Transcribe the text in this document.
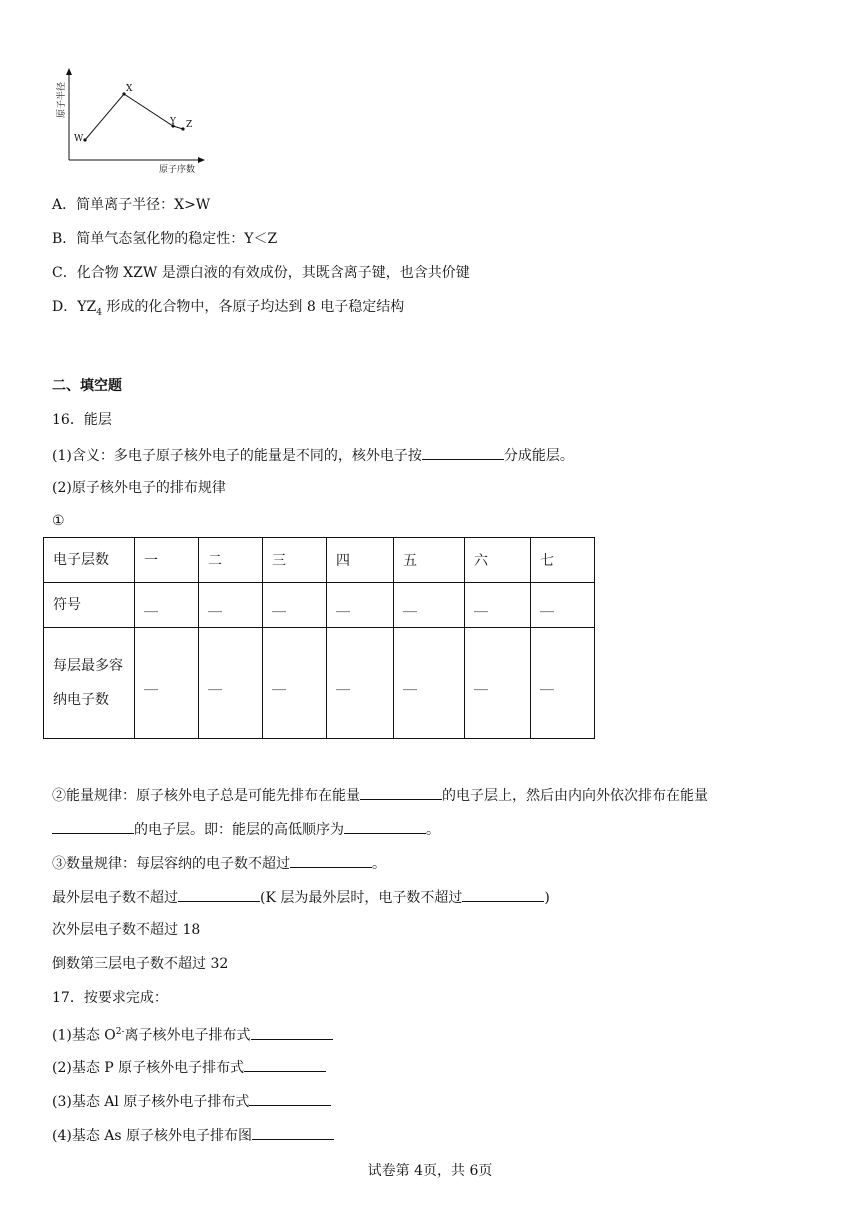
原子半径
原子序数
W
X
Y Z
A．简单离子半径：X>W
B．简单气态氢化物的稳定性：Y＜Z
C．化合物 XZW 是漂白液的有效成份，其既含离子键，也含共价键
D．$YZ_4$ 形成的化合物中，各原子均达到 8 电子稳定结构
二、填空题
16．能层
(1)含义：多电子原子核外电子的能量是不同的，核外电子按	分成能层。
(2)原子核外电子的排布规律
①
电子层数	一	二	三	四	五	六	七
符号	__	__	__	__	__	__	__
每层最多容纳电子数	__	__	__	__	__	__	__
②能量规律：原子核外电子总是可能先排布在能量	的电子层上，然后由内向外依次排布在能量
的电子层。即：能层的高低顺序为	。
③数量规律：每层容纳的电子数不超过	。
最外层电子数不超过	(K 层为最外层时，电子数不超过	)
次外层电子数不超过 18
倒数第三层电子数不超过 32
17．按要求完成：
(1)基态 $O^{2-}$离子核外电子排布式
(2)基态 P 原子核外电子排布式
(3)基态 Al 原子核外电子排布式
(4)基态 As 原子核外电子排布图
试卷第 4页，共 6页
